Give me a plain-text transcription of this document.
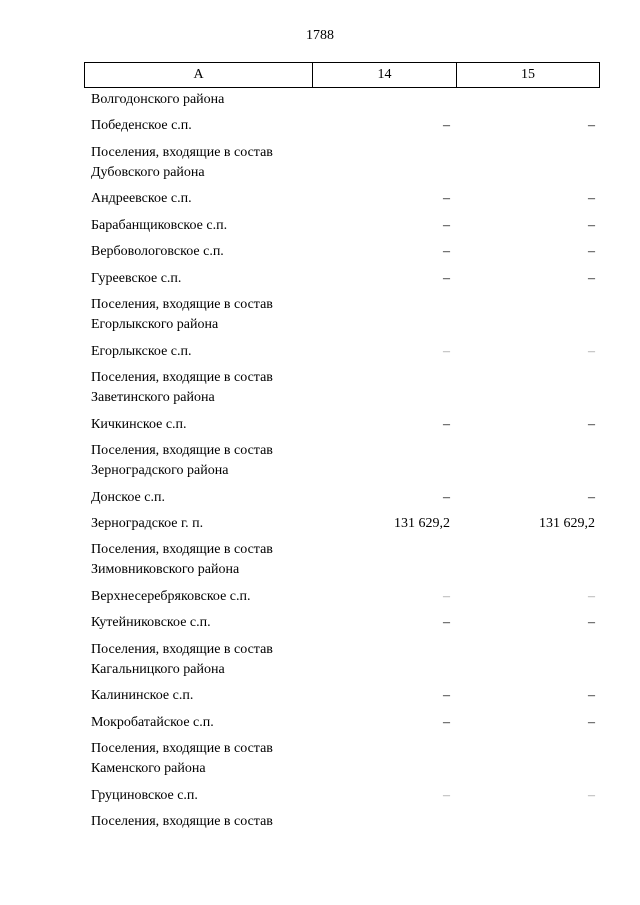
1788
А	14	15
Волгодонского района
Победенское с.п.	–	–
Поселения, входящие в состав
Дубовского района
Андреевское с.п.	–	–
Барабанщиковское с.п.	–	–
Вербовологовское с.п.	–	–
Гуреевское с.п.	–	–
Поселения, входящие в состав
Егорлыкского района
Егорлыкское с.п.	–	–
Поселения, входящие в состав
Заветинского района
Кичкинское с.п.	–	–
Поселения, входящие в состав
Зерноградского района
Донское с.п.	–	–
Зерноградское г. п.	131 629,2	131 629,2
Поселения, входящие в состав
Зимовниковского района
Верхнесеребряковское с.п.	–	–
Кутейниковское с.п.	–	–
Поселения, входящие в состав
Кагальницкого района
Калининское с.п.	–	–
Мокробатайское с.п.	–	–
Поселения, входящие в состав
Каменского района
Груциновское с.п.	–	–
Поселения, входящие в состав
